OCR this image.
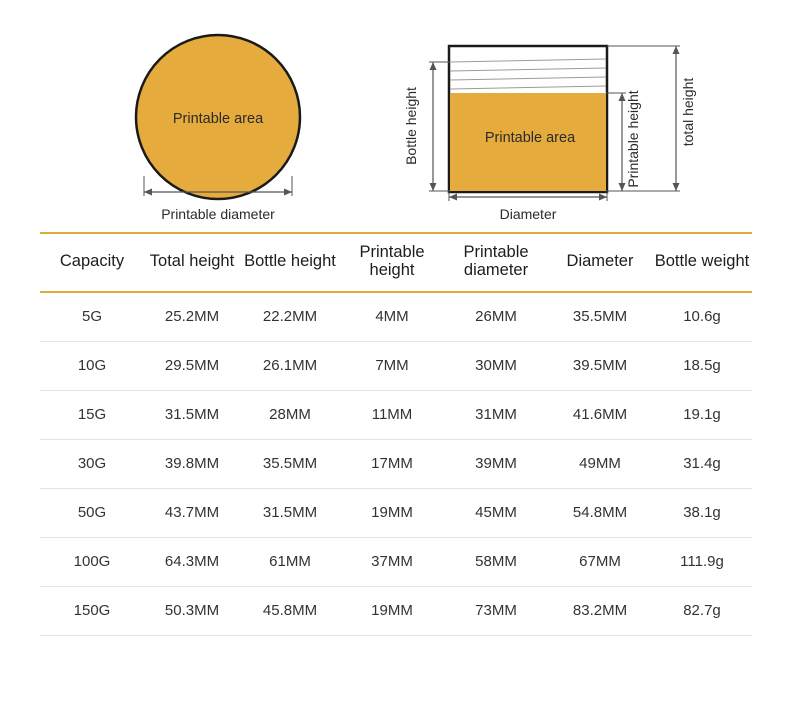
Printable area
Printable diameter
Printable area
Bottle height	Printable height	total height
Diameter
Capacity	Total height	Bottle height	Printable height	Printable diameter	Diameter	Bottle weight
5G	25.2MM	22.2MM	4MM	26MM	35.5MM	10.6g
10G	29.5MM	26.1MM	7MM	30MM	39.5MM	18.5g
15G	31.5MM	28MM	11MM	31MM	41.6MM	19.1g
30G	39.8MM	35.5MM	17MM	39MM	49MM	31.4g
50G	43.7MM	31.5MM	19MM	45MM	54.8MM	38.1g
100G	64.3MM	61MM	37MM	58MM	67MM	111.9g
150G	50.3MM	45.8MM	19MM	73MM	83.2MM	82.7g
